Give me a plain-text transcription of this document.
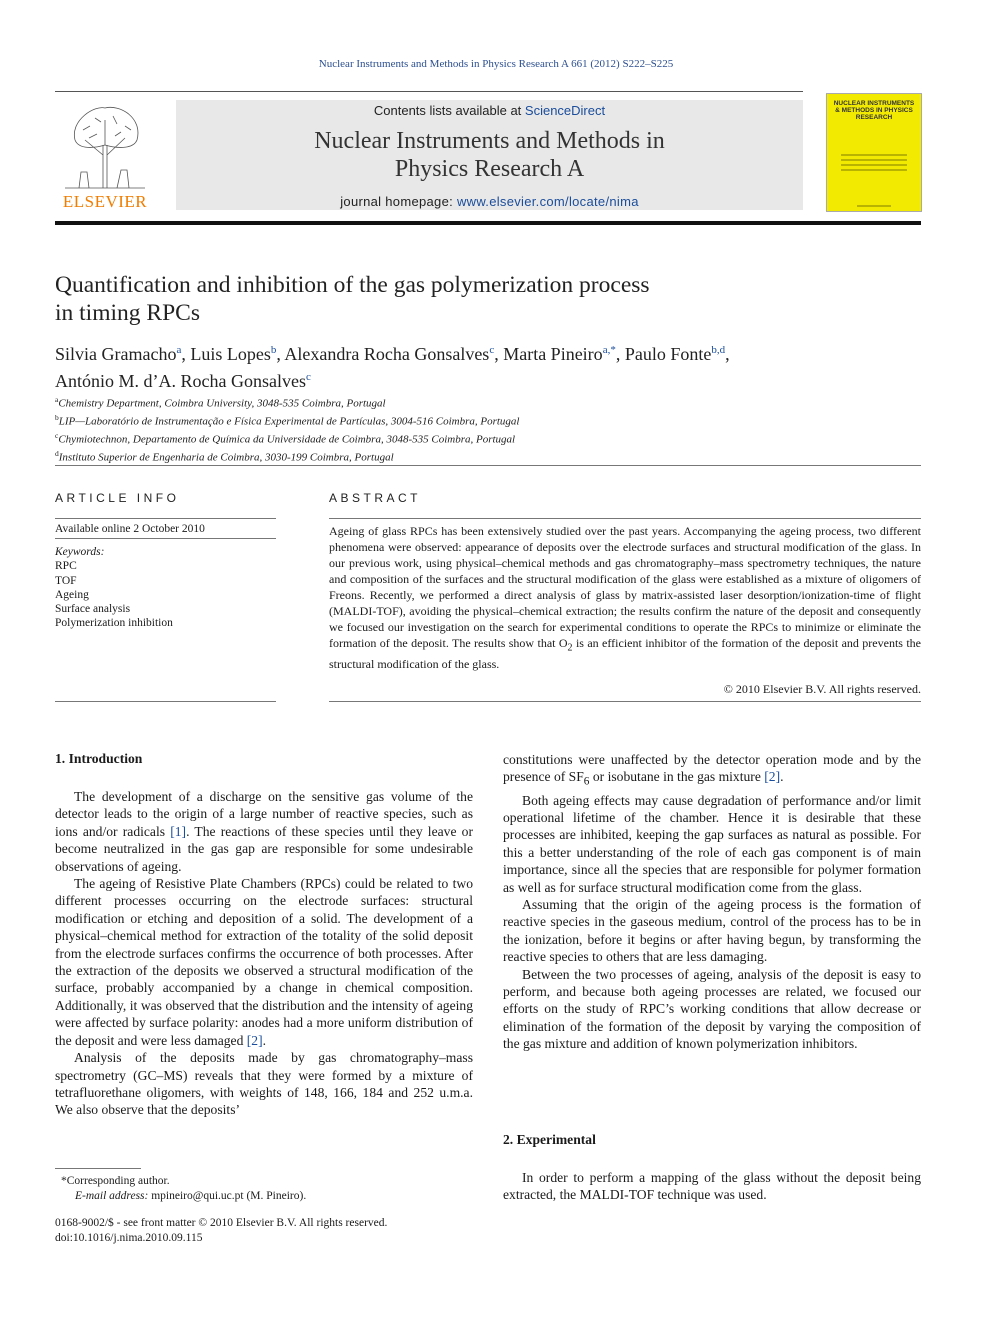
Nuclear Instruments and Methods in Physics Research A 661 (2012) S222–S225
ELSEVIER
Contents lists available at ScienceDirect
Nuclear Instruments and Methods in
Physics Research A
journal homepage: www.elsevier.com/locate/nima
NUCLEAR INSTRUMENTS & METHODS IN PHYSICS RESEARCH
Quantification and inhibition of the gas polymerization process
in timing RPCs
Silvia Gramacho$^a$, Luis Lopes$^b$, Alexandra Rocha Gonsalves$^c$, Marta Pineiro$^{a,*}$, Paulo Fonte$^{b,d}$,
António M. d’A. Rocha Gonsalves$^c$
$^a$Chemistry Department, Coimbra University, 3048-535 Coimbra, Portugal
$^b$LIP—Laboratório de Instrumentação e Física Experimental de Partículas, 3004-516 Coimbra, Portugal
$^c$Chymiotechnon, Departamento de Química da Universidade de Coimbra, 3048-535 Coimbra, Portugal
$^d$Instituto Superior de Engenharia de Coimbra, 3030-199 Coimbra, Portugal
ARTICLE INFO
Available online 2 October 2010
Keywords:
RPC
TOF
Ageing
Surface analysis
Polymerization inhibition
ABSTRACT
Ageing of glass RPCs has been extensively studied over the past years. Accompanying the ageing process, two different phenomena were observed: appearance of deposits over the electrode surfaces and structural modification of the glass. In our previous work, using physical–chemical methods and gas chromatography–mass spectrometry techniques, the nature and composition of the surfaces and the structural modification of the glass were established as a mixture of oligomers of Freons. Recently, we performed a direct analysis of glass by matrix-assisted laser desorption/ionization-time of flight (MALDI-TOF), avoiding the physical–chemical extraction; the results confirm the nature of the deposit and consequently we focused our investigation on the search for experimental conditions to operate the RPCs to minimize or eliminate the formation of the deposit. The results show that $O_2$ is an efficient inhibitor of the formation of the deposit and prevents the structural modification of the glass.
© 2010 Elsevier B.V. All rights reserved.
1. Introduction

The development of a discharge on the sensitive gas volume of the detector leads to the origin of a large number of reactive species, such as ions and/or radicals [1]. The reactions of these species until they leave or become neutralized in the gas gap are responsible for some undesirable observations of ageing.

The ageing of Resistive Plate Chambers (RPCs) could be related to two different processes occurring on the electrode surfaces: structural modification or etching and deposition of a solid. The development of a physical–chemical method for extraction of the totality of the solid deposit from the electrode surfaces confirms the occurrence of both processes. After the extraction of the deposits we observed a structural modification of the surface, probably accompanied by a change in chemical composition. Additionally, it was observed that the distribution and the intensity of ageing were affected by surface polarity: anodes had a more uniform distribution of the deposit and were less damaged [2].

Analysis of the deposits made by gas chromatography–mass spectrometry (GC–MS) reveals that they were formed by a mixture of tetrafluorethane oligomers, with weights of 148, 166, 184 and 252 u.m.a. We also observe that the deposits’

constitutions were unaffected by the detector operation mode and by the presence of $SF_6$ or isobutane in the gas mixture [2].

Both ageing effects may cause degradation of performance and/or limit operational lifetime of the chamber. Hence it is desirable that these processes are inhibited, keeping the gap surfaces as natural as possible. For this a better understanding of the role of each gas component is of main importance, since all the species that are responsible for polymer formation as well as for surface structural modification come from the glass.

Assuming that the origin of the ageing process is the formation of reactive species in the gaseous medium, control of the process has to be in the ionization, before it begins or after having begun, by transforming the reactive species to others that are less damaging.

Between the two processes of ageing, analysis of the deposit is easy to perform, and because both ageing processes are related, we focused our efforts on the study of RPC’s working conditions that allow decrease or elimination of the formation of the deposit by varying the composition of the gas mixture and addition of known polymerization inhibitors.

2. Experimental

In order to perform a mapping of the glass without the deposit being extracted, the MALDI-TOF technique was used.

*Corresponding author.
E-mail address: mpineiro@qui.uc.pt (M. Pineiro).
0168-9002/$ - see front matter © 2010 Elsevier B.V. All rights reserved.
doi:10.1016/j.nima.2010.09.115
